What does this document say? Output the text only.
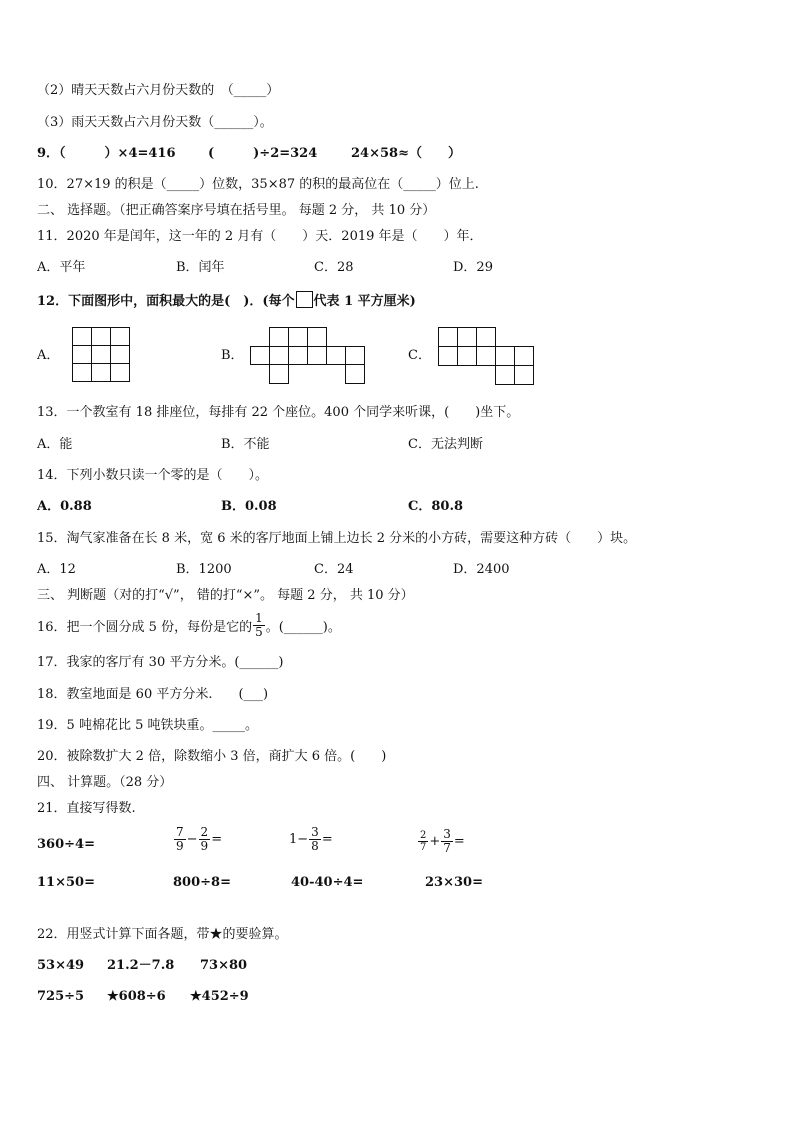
（2）晴天天数占六月份天数的　（_____）
（3）雨天天数占六月份天数（______）。
9．（　　　）×4=416 (　　　)÷2=324	24×58≈（　　）
10．27×19 的积是（_____）位数，35×87 的积的最高位在（_____）位上.
二、 选择题。（把正确答案序号填在括号里。 每题 2 分， 共 10 分）
11．2020 年是闰年，这一年的 2 月有（　　）天．2019 年是（　　）年．
A．平年	B．闰年	C．28	D．29
12．下面图形中，面积最大的是(　)．(每个 代表 1 平方厘米)
A．	B．	C．
13．一个教室有 18 排座位，每排有 22 个座位。400 个同学来听课，(　　)坐下。
A．能	B．不能	C．无法判断
14．下列小数只读一个零的是（　　）。
A．0.88	B．0.08	C．80.8
15．淘气家准备在长 8 米，宽 6 米的客厅地面上铺上边长 2 分米的小方砖，需要这种方砖（　　）块。
A．12	B．1200	C．24	D．2400
三、 判断题（对的打“√”， 错的打“×”。 每题 2 分， 共 10 分）
16．把一个圆分成 5 份，每份是它的 $\frac{1}{5}$ 。(______)。
17．我家的客厅有 30 平方分米。(______)
18．教室地面是 60 平方分米.　　(___)
19．5 吨棉花比 5 吨铁块重。_____。
20．被除数扩大 2 倍，除数缩小 3 倍，商扩大 6 倍。(　　)
四、 计算题。（28 分）
21．直接写得数.
360÷4=	$\frac{7}{9} - \frac{2}{9}$ =	$1- \frac{3}{8}$ =	$\frac{2}{7} + \frac{3}{7}$ =
11×50=	800÷8=	40-40÷4=	23×30=
22．用竖式计算下面各题，带★的要验算。
53×49 21.2－7.8 73×80
725÷5 ★608÷6 ★452÷9
